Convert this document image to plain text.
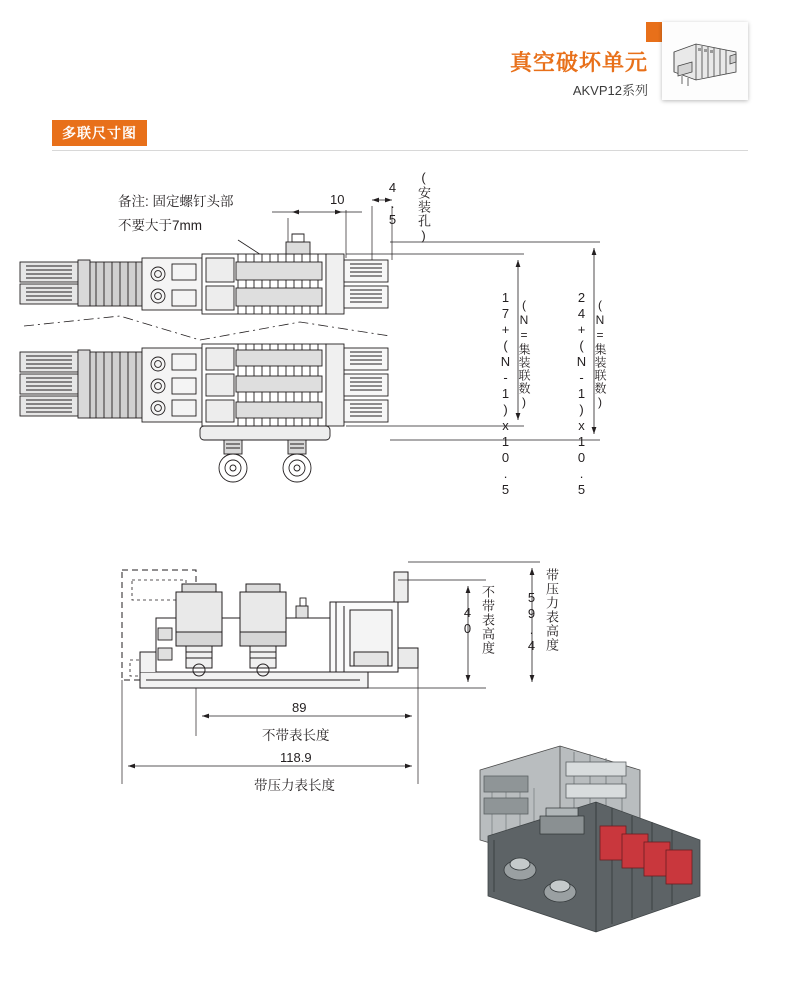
真空破坏单元
AKVP12系列
多联尺寸图
备注: 固定螺钉头部
不要大于7mm
10	4.5 (安装孔)
17+(N-1)x10.5 (N=集装联数)	24+(N-1)x10.5 (N=集装联数)
40 不带表高度 59.4 带压力表高度
89
不带表长度
118.9
带压力表长度
